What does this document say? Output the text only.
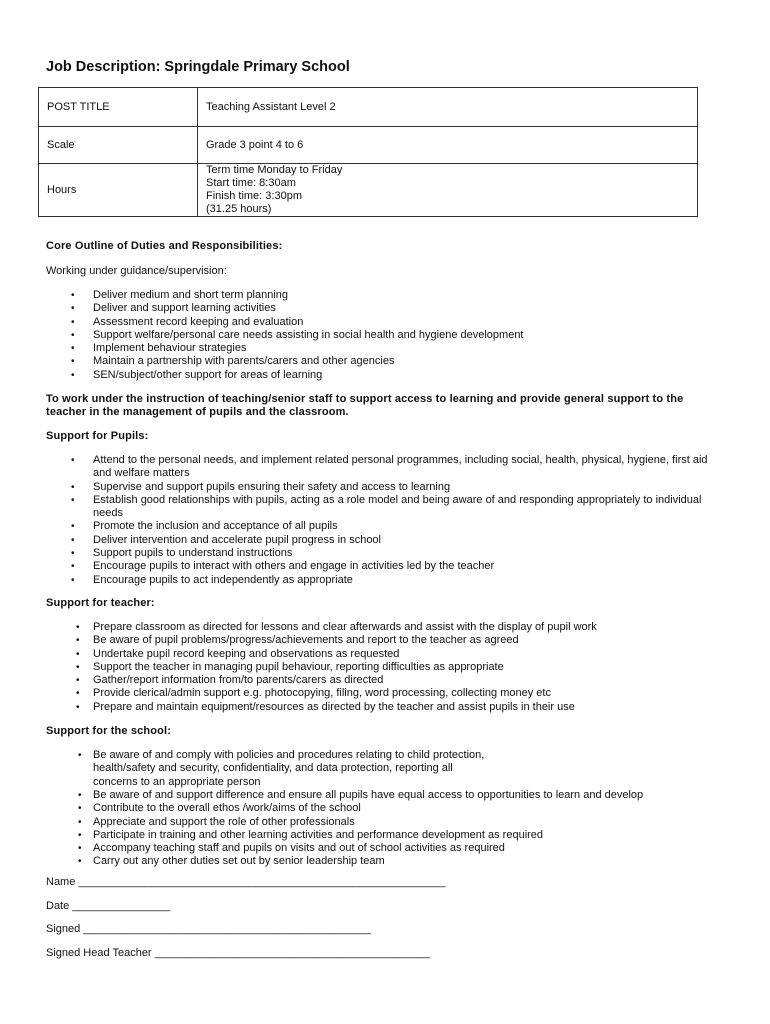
Job Description: Springdale Primary School
POST TITLE	Teaching Assistant Level 2
Scale	Grade 3 point 4 to 6
Hours	Term time Monday to Friday
Start time: 8:30am
Finish time: 3:30pm
(31.25 hours)

Core Outline of Duties and Responsibilities:

Working under guidance/supervision:

• Deliver medium and short term planning
• Deliver and support learning activities
• Assessment record keeping and evaluation
• Support welfare/personal care needs assisting in social health and hygiene development
• Implement behaviour strategies
• Maintain a partnership with parents/carers and other agencies
• SEN/subject/other support for areas of learning

To work under the instruction of teaching/senior staff to support access to learning and provide general support to the teacher in the management of pupils and the classroom.

Support for Pupils:

• Attend to the personal needs, and implement related personal programmes, including social, health, physical, hygiene, first aid and welfare matters
• Supervise and support pupils ensuring their safety and access to learning
• Establish good relationships with pupils, acting as a role model and being aware of and responding appropriately to individual needs
• Promote the inclusion and acceptance of all pupils
• Deliver intervention and accelerate pupil progress in school
• Support pupils to understand instructions
• Encourage pupils to interact with others and engage in activities led by the teacher
• Encourage pupils to act independently as appropriate

Support for teacher:

• Prepare classroom as directed for lessons and clear afterwards and assist with the display of pupil work
• Be aware of pupil problems/progress/achievements and report to the teacher as agreed
• Undertake pupil record keeping and observations as requested
• Support the teacher in managing pupil behaviour, reporting difficulties as appropriate
• Gather/report information from/to parents/carers as directed
• Provide clerical/admin support e.g. photocopying, filing, word processing, collecting money etc
• Prepare and maintain equipment/resources as directed by the teacher and assist pupils in their use

Support for the school:

• Be aware of and comply with policies and procedures relating to child protection, health/safety and security, confidentiality, and data protection, reporting all concerns to an appropriate person
• Be aware of and support difference and ensure all pupils have equal access to opportunities to learn and develop
• Contribute to the overall ethos /work/aims of the school
• Appreciate and support the role of other professionals
• Participate in training and other learning activities and performance development as required
• Accompany teaching staff and pupils on visits and out of school activities as required
• Carry out any other duties set out by senior leadership team

Name ____________________________________________________________

Date ________________

Signed _______________________________________________

Signed Head Teacher _____________________________________________
